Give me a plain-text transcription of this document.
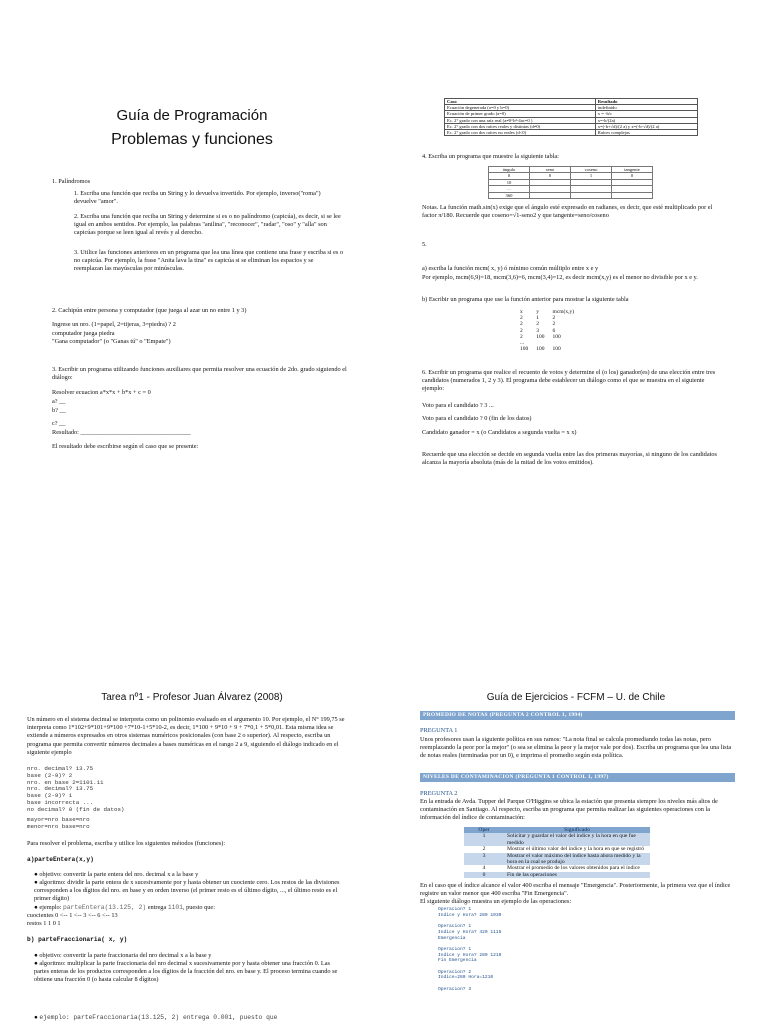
Guía de Programación
Problemas y funciones
1. Palíndromos
1. Escriba una función que reciba un String y lo devuelva invertido. Por ejemplo, inverso("roma") devuelve "amor".
2. Escriba una función que reciba un String y determine si es o no palíndromo (capicúa), es decir, si se lee igual en ambos sentidos. Por ejemplo, las palabras "anilina", "reconocer", "radar", "oso" y "alla" son capicúas porque se leen igual al revés y al derecho.
3. Utilice las funciones anteriores en un programa que lea una línea que contiene una frase y escriba si es o no capicúa. Por ejemplo, la frase "Anita lava la tina" es capicúa si se eliminan los espacios y se reemplazan las mayúsculas por minúsculas.
2. Cachipún entre persona y computador (que juega al azar un no entre 1 y 3)
Ingrese un nro. (1=papel, 2=tijeras, 3=piedra) ? 2
computador juega piedra
"Gana computador" (o "Ganas tú" o "Empate")
3. Escribir un programa utilizando funciones auxiliares que permita resolver una ecuación de 2do. grado siguiendo el diálogo:
Resolver ecuacion a*x*x + b*x + c = 0
a? __
b? __
c? __
Resultado: ___________________________________
El resultado debe escribirse según el caso que se presente:
Caso	Resultado
Ecuación degenerada (a=0 y b=0)	indefinido
Ecuación de primer grado (a=0)	x = -b/c
Ec. 2° grado con una raíz real (a≠0^b²-4ac=0 )	x=-b/(2a)
Ec. 2° grado con dos raíces reales y distintas (d≠0)	x=(-b+√d)/(2 a) y x=(-b-√d)/(2 a)
Ec. 2° grado con dos raíces no reales (d<0)	Raíces complejas
4. Escriba un programa que muestre la siguiente tabla:
ángulo	seno	coseno	tangente
0	0	1	0
10			
...			
360			
Notas. La función math.sin(x) exige que el ángulo esté expresado en radianes, es decir, que esté multiplicado por el factor π/180. Recuerde que coseno=√1-seno2 y que tangente=seno/coseno
5.
a) escriba la función mcm( x, y) ó mínimo común múltiplo entre x e y
Por ejemplo, mcm(6,9)=18, mcm(3,6)=6, mcm(3,4)=12, es decir mcm(x,y) es el menor no divisible por x e y.
b) Escribir un programa que use la función anterior para mostrar la siguiente tabla
x	y	mcm(x,y)
2	1	2
2	2	2
2	3	6
2	100	100
...		
100	100	100
6. Escribir un programa que realice el recuento de votos y determine el (o los) ganador(es) de una elección entre tres candidatos (numerados 1, 2 y 3). El programa debe establecer un diálogo como el que se muestra en el siguiente ejemplo:
Voto para el candidato ? 3 ...
Voto para el candidato ? 0 (fin de los datos)
Candidato ganador = x (o Candidatos a segunda vuelta = x x)
Recuerde que una elección se decide en segunda vuelta entre las dos primeras mayorías, si ninguno de los candidatos alcanza la mayoría absoluta (más de la mitad de los votos emitidos).
Tarea nº1 - Profesor Juan Álvarez (2008)
Un número en el sistema decimal se interpreta como un polinomio evaluado en el argumento 10. Por ejemplo, el N° 199,75 se interpreta como 1*102+9*101+9*100 +7*10-1+5*10-2, es decir, 1*100 + 9*10 + 9 + 7*0,1 + 5*0,01. Esta misma idea se extiende a números expresados en otros sistemas numéricos posicionales (con base 2 o superior). Al respecto, escriba un programa que permita convertir números decimales a bases numéricas en el rango 2 a 9, siguiendo el diálogo indicado en el siguiente ejemplo
nro. decimal? 13.75
base (2-9)? 2
nro. en base 2=1101.11
nro. decimal? 13.75
base (2-9)? 1
base incorrecta ...
no decimal? 0 (fin de datos)
mayor=nro base=nro
menor=nro base=nro
Para resolver el problema, escriba y utilice los siguientes métodos (funciones):
a)parteEntera(x,y)
● objetivo: convertir la parte entera del nro. decimal x a la base y
● algoritmo: dividir la parte entera de x sucesivamente por y hasta obtener un cuociente cero. Los restos de las divisiones corresponden a los dígitos del nro. en base y en orden inverso (el primer resto es el último dígito, ..., el último resto es el primer dígito)
● ejemplo: parteEntera(13.125, 2) entrega 1101, puesto que:
cuocientes 0 <-- 1 <-- 3 <-- 6 <-- 13
restos 1 1 0 1
b) parteFraccionaria( x, y)
● objetivo: convertir la parte fraccionaria del nro decimal x a la base y
● algoritmo: multiplicar la parte fraccionaria del nro decimal x sucesivamente por y hasta obtener una fracción 0. Las partes enteras de los productos corresponden a los dígitos de la fracción del nro. en base y. El proceso termina cuando se obtiene una fracción 0 (o hasta calcular 8 dígitos)
● ejemplo: parteFraccionaria(13.125, 2) entrega 0.001, puesto que
Guía de Ejercicios - FCFM – U. de Chile
PROMEDIO DE NOTAS (PREGUNTA 2 CONTROL 1, 1994)
PREGUNTA 1
Unos profesores usan la siguiente política en sus ramos: "La nota final se calcula promediando todas las notas, pero reemplazando la peor por la mejor" (o sea se elimina la peor y la mejor vale por dos). Escriba un programa que lea una lista de notas reales (terminadas por un 0), e imprima el promedio según esta política.
NIVELES DE CONTAMINACION (PREGUNTA 1 CONTROL 1, 1997)
PREGUNTA 2
En la entrada de Avda. Tupper del Parque O'Higgins se ubica la estación que presenta siempre los niveles más altos de contaminación en Santiago. Al respecto, escriba un programa que permita realizar las siguientes operaciones con la información del índice de contaminación:
Oper	Significado
1	Solicitar y guardar el valor del índice y la hora en que fue medido
2	Mostrar el último valor del índice y la hora en que se registró
3	Mostrar el valor máximo del índice hasta ahora medido y la hora en la cual se produjo
4	Mostrar el promedio de los valores obtenidos para el índice
0	Fin de las operaciones
En el caso que el índice alcance el valor 400 escriba el mensaje "Emergencia". Posteriormente, la primera vez que el índice registre un valor menor que 400 escriba "Fin Emergencia".
El siguiente diálogo muestra un ejemplo de las operaciones:
Operacion? 1
Indice y Hora? 280 1030

Operacion? 1
Indice y Hora? 420 1115
Emergencia

Operacion? 1
Indice y Hora? 280 1210
Fin Emergencia

Operacion? 2
Indice=280 Hora=1210

Operacion? 3
